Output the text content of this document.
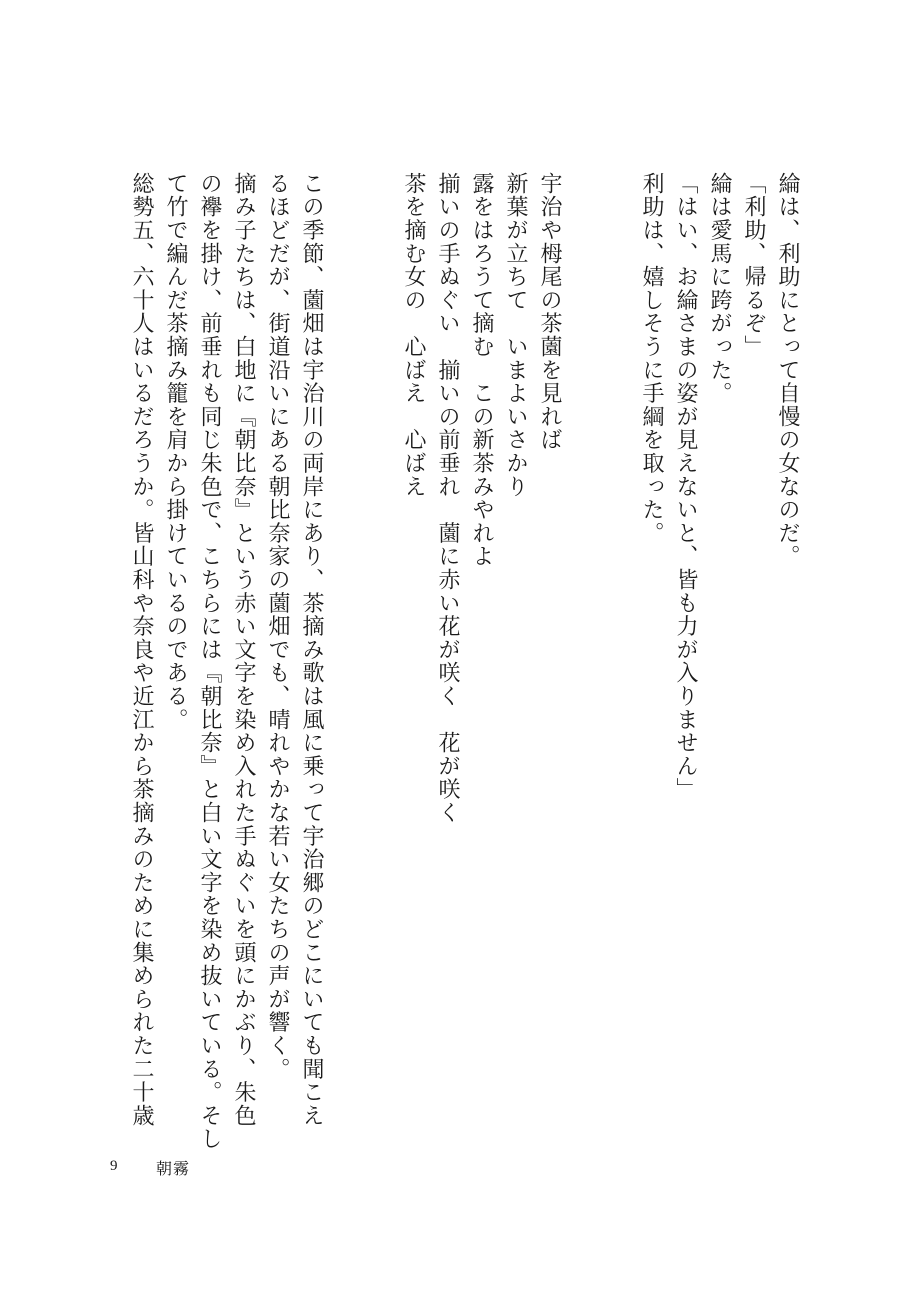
綸は、利助にとって自慢の女なのだ。
「利助、帰るぞ」
綸は愛馬に跨がった。
「はい、お綸さまの姿が見えないと、皆も力が入りません」
利助は、嬉しそうに手綱を取った。
宇治や栂尾の茶薗を見れば
新葉が立ちて　いまよいさかり
露をはろうて摘む　この新茶みやれよ
揃いの手ぬぐい　揃いの前垂れ　薗に赤い花が咲く　花が咲く
茶を摘む女の　心ばえ　心ばえ
この季節、薗畑は宇治川の両岸にあり、茶摘み歌は風に乗って宇治郷のどこにいても聞こえ
るほどだが、街道沿いにある朝比奈家の薗畑でも、晴れやかな若い女たちの声が響く。
摘み子たちは、白地に『朝比奈』という赤い文字を染め入れた手ぬぐいを頭にかぶり、朱色
の襷を掛け、前垂れも同じ朱色で、こちらには『朝比奈』と白い文字を染め抜いている。そし
て竹で編んだ茶摘み籠を肩から掛けているのである。
総勢五、六十人はいるだろうか。皆山科や奈良や近江から茶摘みのために集められた二十歳
9 朝霧
